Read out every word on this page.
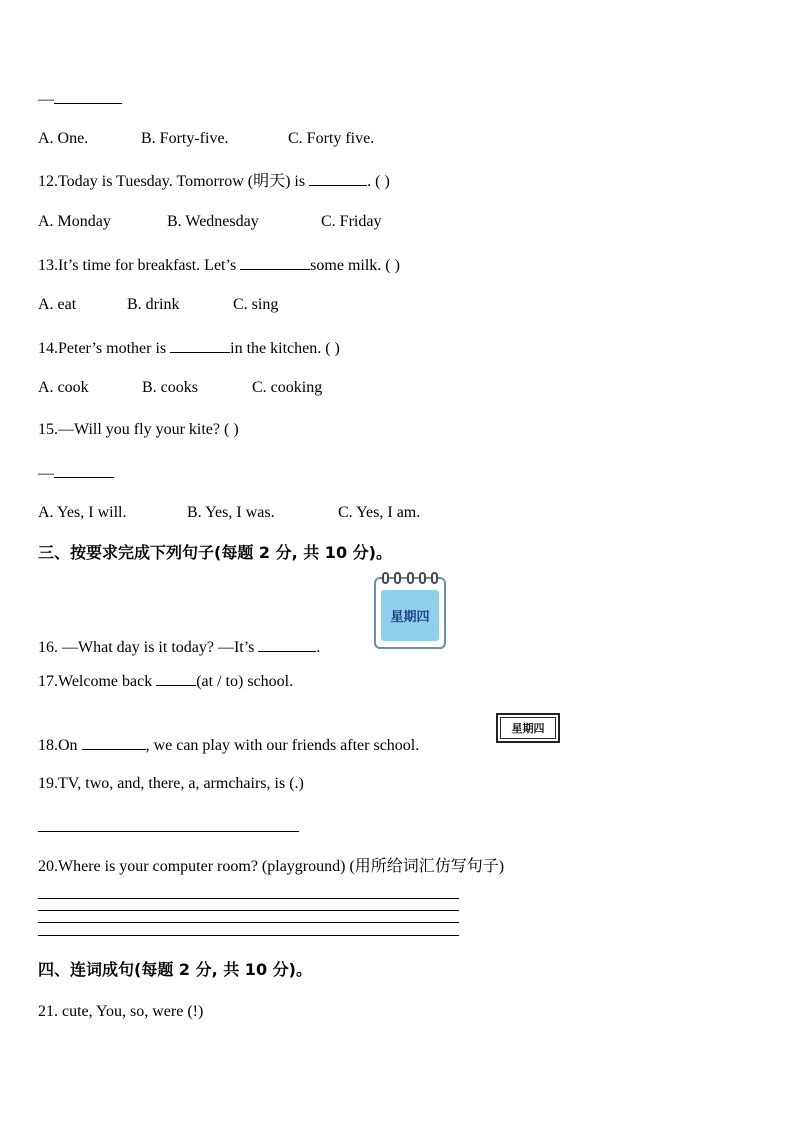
—
A. One.	B. Forty-five.	C. Forty five.
12.Today is Tuesday. Tomorrow (明天) is	. ( )
A. Monday	B. Wednesday	C. Friday
13.It’s time for breakfast. Let’s	some milk. ( )
A. eat	B. drink	C. sing
14.Peter’s mother is	in the kitchen. ( )
A. cook	B. cooks	C. cooking
15.—Will you fly your kite? ( )
—
A. Yes, I will.	B. Yes, I was.	C. Yes, I am.
三、按要求完成下列句子(每题 2 分, 共 10 分)。
星期四
16. —What day is it today? —It’s	.
17.Welcome back	(at / to) school.
星期四
18.On	, we can play with our friends after school.
19.TV, two, and, there, a, armchairs, is (.)
20.Where is your computer room? (playground) (用所给词汇仿写句子)
四、连词成句(每题 2 分, 共 10 分)。
21. cute, You, so, were (!)
